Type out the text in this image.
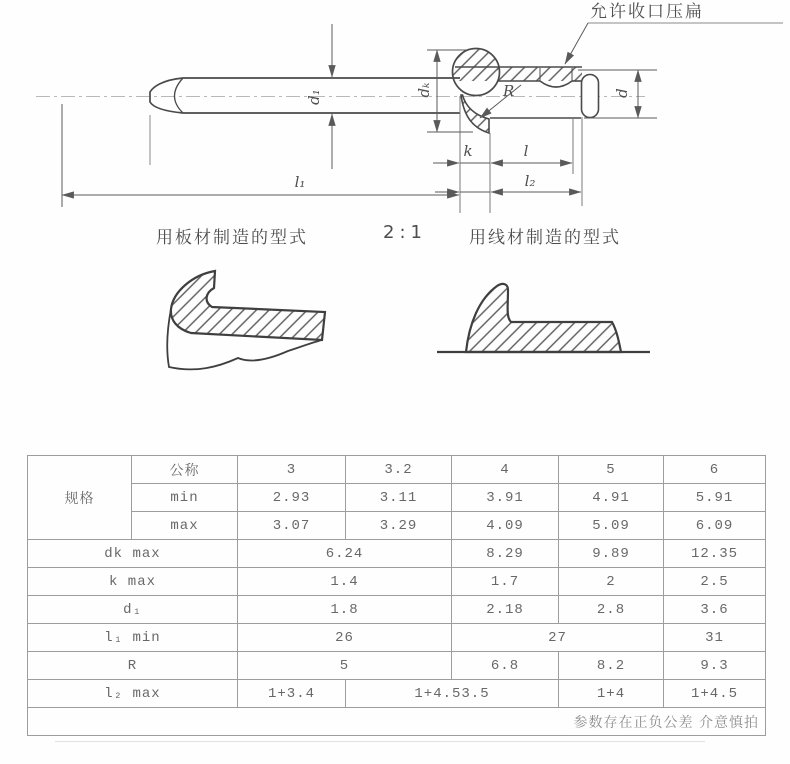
d₁
l₁
dₖ	d
k	l
l₂
R
允许收口压扁
用板材制造的型式	2:1 用线材制造的型式
规格	公称	3	3.2	4	5	6
	min	2.93	3.11	3.91	4.91	5.91
	max	3.07	3.29	4.09	5.09	6.09
dk max		6.24		8.29	9.89	12.35
k max		1.4		1.7	2	2.5
d₁		1.8		2.18	2.8	3.6
l₁ min		26		27		31
R		5		6.8	8.2	9.3
l₂ max		1+3.4	1+4.53.5		1+4	1+4.5
参数存在正负公差 介意慎拍						
